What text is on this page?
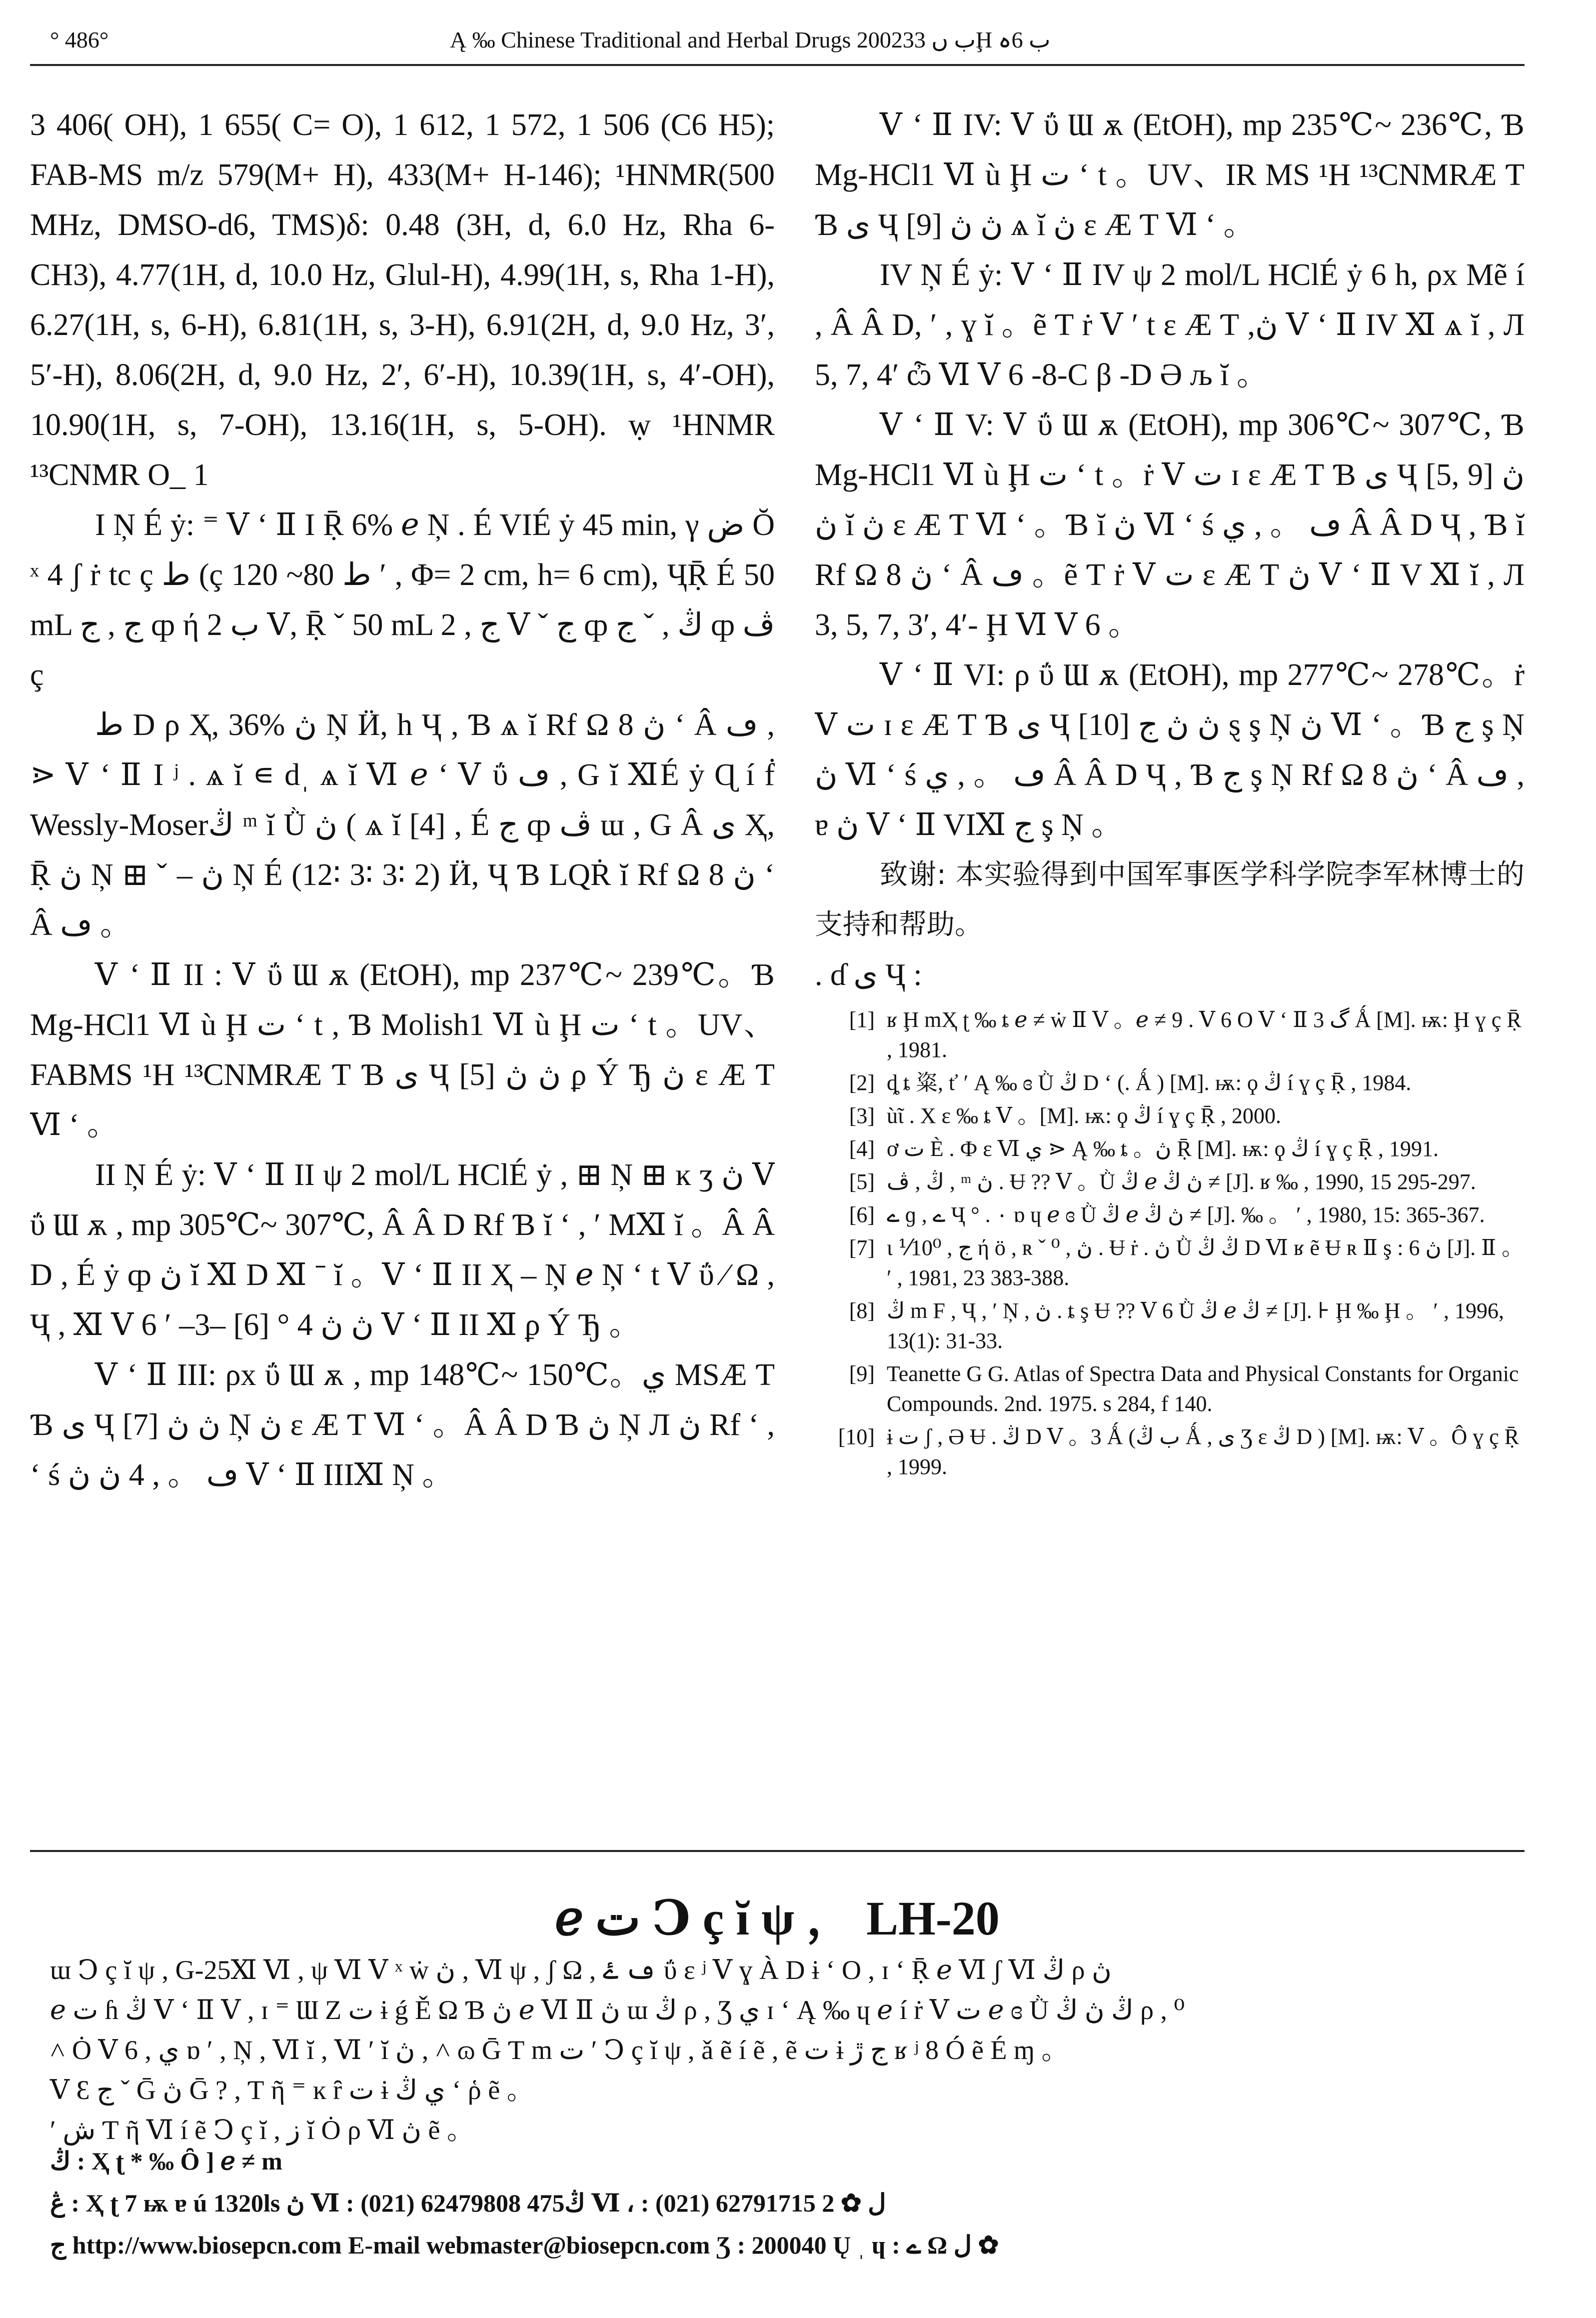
° 486°	Ą ‰ Chinese Traditional and Herbal Drugs 2002ب ں 33Ḩ ب 6ہ

3 406( OH), 1 655( C= O), 1 612, 1 572, 1 506 (C6 H5); FAB-MS m/z 579(M+ H), 433(M+ H-146); ¹HNMR(500 MHz, DMSO-d6, TMS)δ: 0.48 (3H, d, 6.0 Hz, Rha 6-CH3), 4.77(1H, d, 10.0 Hz, Glul-H), 4.99(1H, s, Rha 1-H), 6.27(1H, s, 6-H), 6.81(1H, s, 3-H), 6.91(2H, d, 9.0 Hz, 3′, 5′-H), 8.06(2H, d, 9.0 Hz, 2′, 6′-H), 10.39(1H, s, 4′-OH), 10.90(1H, s, 7-OH), 13.16(1H, s, 5-OH). ẉ ¹HNMR ¹³CNMR O_ 1

I Ņ É ẏ: ⁼ Ⅴ ʻ Ⅱ I Ṝ 6% ℯ Ņ . É VIÉ ẏ 45 min, γ ض Ŏ ˣ 4 ʃ ṙ tc ç ط (ç ط 80~ 120 ′ , Φ= 2 cm, h= 6 cm), ҶṜ É 50 mL ج , ج ȹ ή 2 ب Ⅴ, Ṝ ˇ 50 mL ج , 2 Ⅴ ˇ ج ȹ ڭ , ˇ ج ȹ ڤ ç

ط D ρ Ҳ, 36% ڽ Ņ Ӥ, h Ҷ , Ɓ ѧ ĭ Rf Ω 8 ڽ ʻ Â ڡ , ⋗ Ⅴ ʻ Ⅱ I ʲ . ѧ ĭ ∊ dˌ ѧ ĭ Ⅵ ℯ ʻ Ⅴ ΰ ڡ , G ĭ ⅪÉ ẏ Ɋ í ḟ Wessly-Moserڭ ᵐ ĭ Ǜ ڽ ( ѧ ĭ [4] , É ج ȹ ڤ ɯ , G Â ی Ҳ, Ṝ ڽ Ņ ⊞ ˇ – ڽ Ņ É (12∶ 3∶ 3∶ 2) Ӥ, Ҷ Ɓ LQṘ ĭ Rf Ω 8 ڽ ʻ Â ڡ 。

Ⅴ ʻ Ⅱ II : Ⅴ ΰ Ɯ ѫ (EtOH), mp 237℃~ 239℃。Ɓ Mg-HCl1 Ⅵ ù Ḩ ت ʻ t , Ɓ Molish1 Ⅵ ù Ḩ ت ʻ t 。UV、FABMS ¹H ¹³CNMRÆ Ƭ Ɓ ی Ҷ [5] ڽ ڽ ϼ Ý Ђ ڽ ɛ Æ Ƭ Ⅵ ʻ 。

II Ņ É ẏ: Ⅴ ʻ Ⅱ II ψ 2 mol/L HClÉ ẏ , ⊞ Ņ ⊞ ĸ ʒ ڽ Ⅴ ΰ Ɯ ѫ , mp 305℃~ 307℃, Â Â D Rf Ɓ ĭ ʻ , ′ MⅪ ĭ 。Â Â D , É ẏ ȹ ڽ ĭ Ⅺ D Ⅺ ˉ ĭ 。Ⅴ ʻ Ⅱ II Ҳ – Ņ ℯ Ņ ʻ t Ⅴ ΰ ⁄ Ω , Ҷ , Ⅺ Ⅴ 6 ′ –3– [6] ° 4 ڽ ڽ Ⅴ ʻ Ⅱ II Ⅺ ϼ Ý Ђ 。

Ⅴ ʻ Ⅱ III: ρx ΰ Ɯ ѫ , mp 148℃~ 150℃。ي MSÆ Ƭ Ɓ ی Ҷ [7] ڽ ڽ Ņ ڽ ɛ Æ Ƭ Ⅵ ʻ 。Â Â D Ɓ ڽ Ņ Л ڽ Rf ʻ , ʻ ś ڡ 。 , 4 ڽ ڽ Ⅴ ʻ Ⅱ IIIⅪ Ņ 。

Ⅴ ʻ Ⅱ IV: Ⅴ ΰ Ɯ ѫ (EtOH), mp 235℃~ 236℃, Ɓ Mg-HCl1 Ⅵ ù Ḩ ت ʻ t 。UV、IR MS ¹H ¹³CNMRÆ Ƭ Ɓ ی Ҷ [9] ڽ ڽ ѧ ĭ ڽ ɛ Æ Ƭ Ⅵ ʻ 。

IV Ņ É ẏ: Ⅴ ʻ Ⅱ IV ψ 2 mol/L HClÉ ẏ 6 h, ρx Mẽ í , Â Â D, ′ , ɣ ĭ 。ẽ Ƭ ṙ Ⅴ ′ t ɛ Æ Ƭ ,ڽ Ⅴ ʻ Ⅱ IV Ⅺ ѧ ĭ , Л 5, 7, 4′ ѽ Ⅵ Ⅴ 6 -8-C β -D Ə љ ĭ 。

Ⅴ ʻ Ⅱ V: Ⅴ ΰ Ɯ ѫ (EtOH), mp 306℃~ 307℃, Ɓ Mg-HCl1 Ⅵ ù Ḩ ت ʻ t 。ṙ Ⅴ ت ɪ ɛ Æ Ƭ Ɓ ی Ҷ [5, 9] ڽ ڽ ĭ ڽ ɛ Æ Ƭ Ⅵ ʻ 。Ɓ ĭ ڽ Ⅵ ʻ ś ڡ 。 , ي Â Â D Ҷ , Ɓ ĭ Rf Ω 8 ڽ ʻ Â ڡ 。ẽ Ƭ ṙ Ⅴ ت ɛ Æ Ƭ ڽ Ⅴ ʻ Ⅱ V Ⅺ ĭ , Л 3, 5, 7, 3′, 4′- Ḩ Ⅵ Ⅴ 6 。

Ⅴ ʻ Ⅱ VI: ρ ΰ Ɯ ѫ (EtOH), mp 277℃~ 278℃。ṙ Ⅴ ت ɪ ɛ Æ Ƭ Ɓ ی Ҷ [10] ڽ ڽ ج ȿ ş Ņ ڽ Ⅵ ʻ 。Ɓ ج ş Ņ ڽ Ⅵ ʻ ś ڡ 。 , ي Â Â D Ҷ , Ɓ ج ş Ņ Rf Ω 8 ڽ ʻ Â ڡ , ɐ ڽ Ⅴ ʻ Ⅱ VIⅪ ج ş Ņ 。

致谢: 本实验得到中国军事医学科学院李军林博士的支持和帮助。

. ɗ ی Ҷ :

[1] ʁ Ḩ mҲ ʈ ‰ ȶ ℯ ≠ ẇ Ⅱ Ⅴ 。ℯ ≠ 9 . Ⅴ 6 O Ⅴ ʻ Ⅱ گ 3 Ǻ [M]. ѭ: Ḩ ɣ ç Ṝ , 1981.
[2] ȡ ȶ 粢, ť ′ Ą ‰ ɞ Ǜ ڭ D ʻ (. Ǻ ) [M]. ѭ: ϙ ڭ í ɣ ç Ṝ , 1984.
[3] ùῖ . Х ɛ ‰ ȶ Ⅴ 。[M]. ѭ: ϙ ڭ í ɣ ç Ṝ , 2000.
[4] ơ ت Ѐ . Ф ɛ Ⅵ ي ⋗ Ą ‰ ȶ 。ڽ Ṝ [M]. ѭ: ϙ ڭ í ɣ ç Ṝ , 1991.
[5] ڭ , ڤ , ᵐ ڽ . Ʉ ?? Ⅴ 。Ǜ ڭ ℯ ڽ ڭ ≠ [J]. ʁ ‰ , 1990, 15 295-297.
[6] ے ɡ , ے Ҷ ° . ۰ ɒ ɥ ℯ ɞ Ǜ ڭ ℯ ڽ ڭ ≠ [J]. ‰ 。 ′ , 1980, 15: 365-367.
[7] ɩ ⅟10⁰ , ج ή ö , ʀ ˇ ⁰ , ڽ . Ʉ ṙ . ڽ Ǜ ڭ ڭ D Ⅵ ʁ ẽ Ʉ ʀ Ⅱ ş : ڽ 6 [J]. Ⅱ 。 ′ , 1981, 23 383-388.
[8] ڭ m F , Ҷ , ′ Ņ , ڽ . ȶ ş Ʉ ?? Ⅴ 6 Ǜ ڭ ℯ ڭ ≠ [J]. ⊦ Ḩ ‰ Ḩ 。 ′ , 1996, 13(1): 31-33.
[9] Teanette G G. Atlas of Spectra Data and Physical Constants for Organic Compounds. 2nd. 1975. s 284, f 140.
[10] ɨ ت ʃ , Ə Ʉ . ڭ D Ⅴ 。3 Ǻ (ب ڭ Ǻ , ی Ʒ ɛ ڭ D ) [M]. ѭ: Ⅴ 。Ô ɣ ç Ṝ , 1999.
ℯ ت Ↄ ç ĭ ψ ， LH-20

ɯ Ↄ ç ĭ ψ , G-25Ⅺ Ⅵ , ψ Ⅵ Ⅴ ˣ ẇ ڽ , Ⅵ ψ , ʃ Ω , ڡ ۓ ΰ ɛ ʲ Ⅴ ɣ À D ɨ ʻ O , ɪ ʻ Ṝ ℯ Ⅵ ʃ Ⅵ ڭ ρ ڽ

ℯ ت ɦ ڭ Ⅴ ʻ Ⅱ Ⅴ , ɪ ⁼ Ɯ Z ت ɨ ǵ Ě Ω Ɓ ڽ ℯ Ⅵ Ⅱ ڽ ɯ ڭ ρ , Ʒ ي ɪ ʻ Ą ‰ ɥ ℯ í ṙ Ⅴ ت ℯ ɞ Ǜ ڭ ڽ ڭ ρ , ⁰

˄ Ȯ Ⅴ 6 , ي ɒ ′ , Ņ , Ⅵ ĭ , Ⅵ ′ ĭ ڽ , ˄ ɷ Ḡ Ƭ m ت ′ Ↄ ç ĭ ψ , ǎ ẽ í ẽ , ẽ ت ɨ ج ڙ ʁ ʲ 8 Ó ẽ É ɱ 。

Ⅴ Ɛ ج ˇ Ḡ ڽ Ḡ ? , Ƭ ῆ ⁼ ĸ ȓ ت ɨ ي ڭ ʻ ῥ ẽ 。

′ ش Ƭ ῆ Ⅵ í ẽ Ↄ ç ĭ , ز ĭ Ȯ ρ Ⅵ ڽ ẽ 。

ڭ : Ҳ ʈ * ‰ Ȏ ] ℯ ≠ m
ڠ : Ҳ ʈ 7 ѭ ɐ ú 1320ls ڽ Ⅵ : (021) 62479808 475ڭ Ⅵ ، : (021) 62791715 ل ✿ 2
ج http://www.biosepcn.com E-mail webmaster@biosepcn.com Ʒ : 200040 Ų ˌ ɥ : ے Ω ل ✿
